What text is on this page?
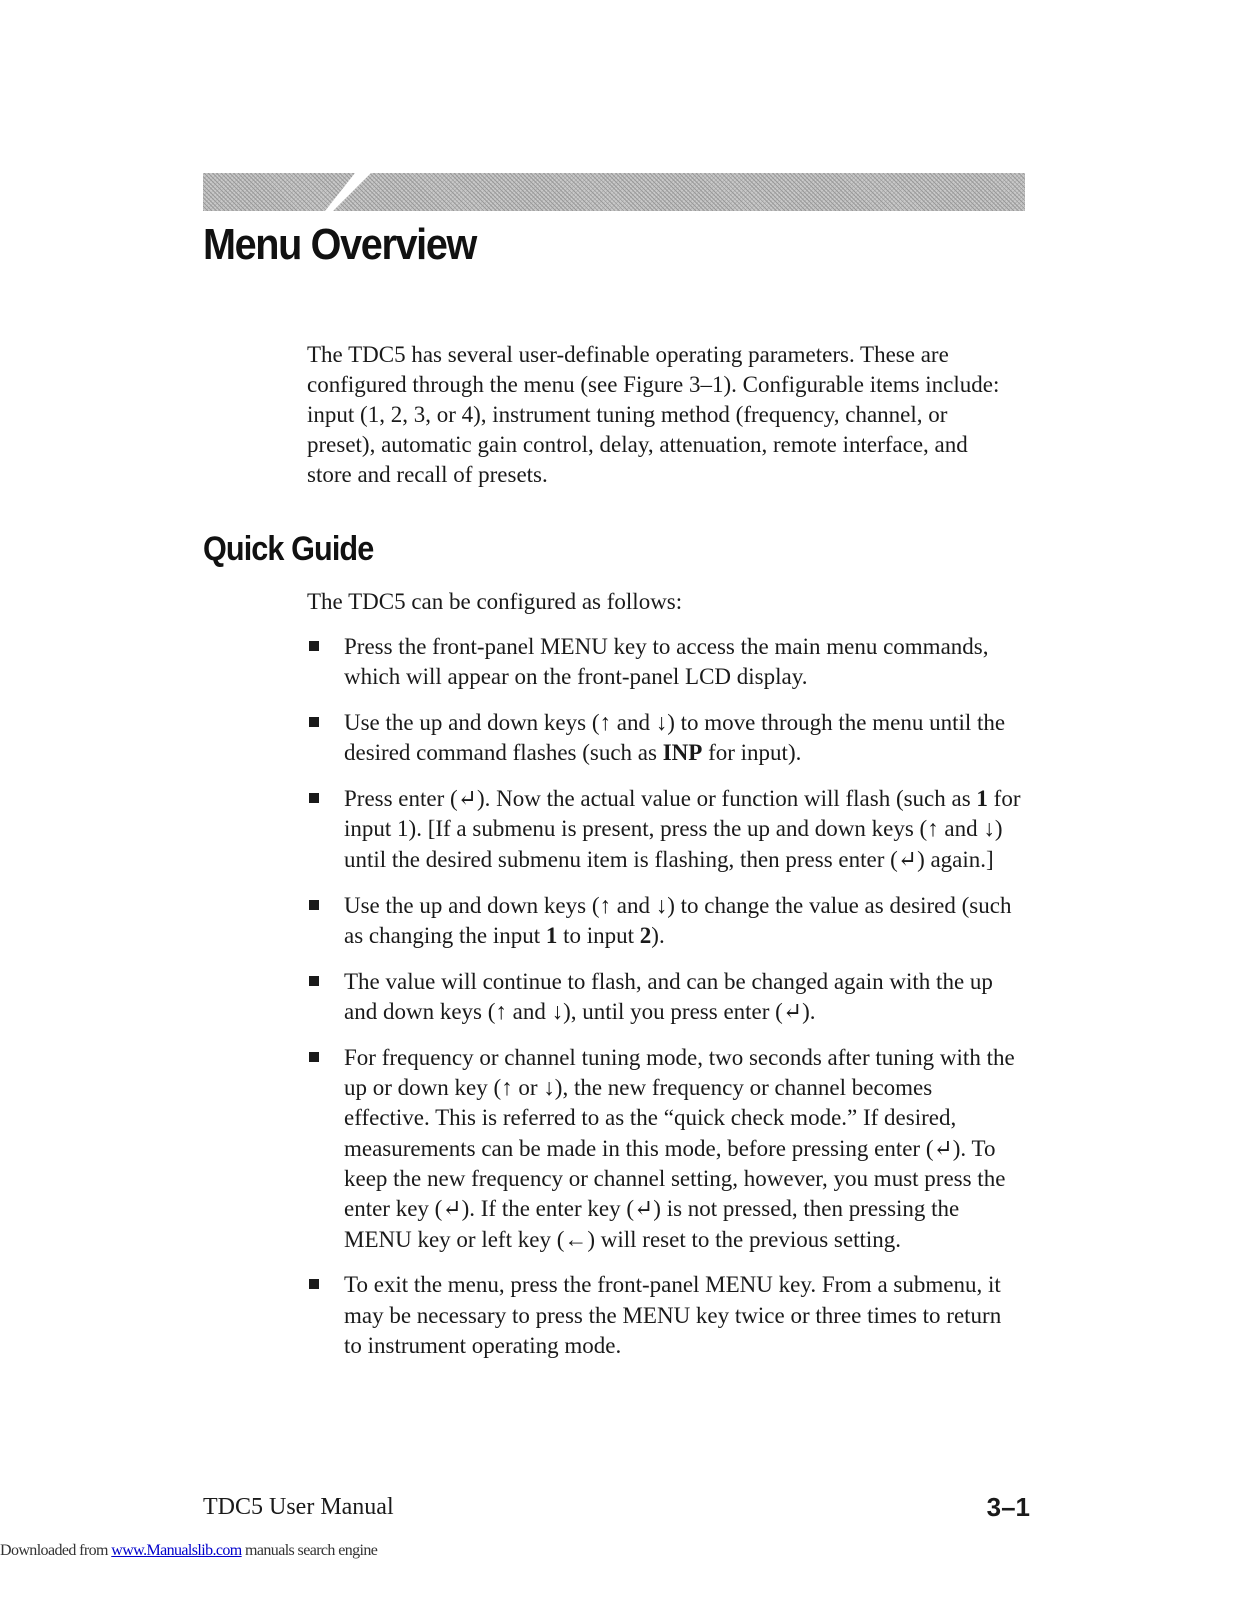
Menu Overview

The TDC5 has several user-definable operating parameters. These are configured through the menu (see Figure 3–1). Configurable items include: input (1, 2, 3, or 4), instrument tuning method (frequency, channel, or preset), automatic gain control, delay, attenuation, remote interface, and store and recall of presets.

Quick Guide

The TDC5 can be configured as follows:

Press the front-panel MENU key to access the main menu commands, which will appear on the front-panel LCD display.
Use the up and down keys (↑ and ↓) to move through the menu until the desired command flashes (such as INP for input).
Press enter (↵). Now the actual value or function will flash (such as 1 for input 1). [If a submenu is present, press the up and down keys (↑ and ↓) until the desired submenu item is flashing, then press enter (↵) again.]
Use the up and down keys (↑ and ↓) to change the value as desired (such as changing the input 1 to input 2).
The value will continue to flash, and can be changed again with the up and down keys (↑ and ↓), until you press enter (↵).
For frequency or channel tuning mode, two seconds after tuning with the up or down key (↑ or ↓), the new frequency or channel becomes effective. This is referred to as the “quick check mode.” If desired, measurements can be made in this mode, before pressing enter (↵). To keep the new frequency or channel setting, however, you must press the enter key (↵). If the enter key (↵) is not pressed, then pressing the MENU key or left key (←) will reset to the previous setting.
To exit the menu, press the front-panel MENU key. From a submenu, it may be necessary to press the MENU key twice or three times to return to instrument operating mode.

TDC5 User Manual	3–1

Downloaded from www.Manualslib.com manuals search engine
